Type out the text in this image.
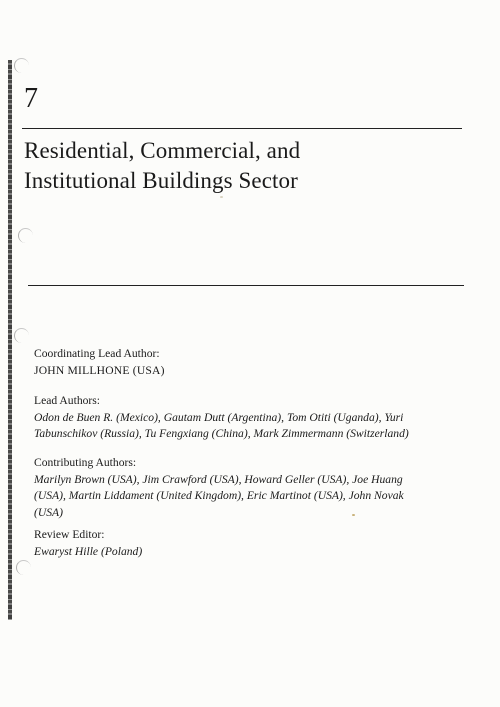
7
Residential, Commercial, and
Institutional Buildings Sector
Coordinating Lead Author:
JOHN MILLHONE (USA)
Lead Authors:
Odon de Buen R. (Mexico), Gautam Dutt (Argentina), Tom Otiti (Uganda), Yuri
Tabunschikov (Russia), Tu Fengxiang (China), Mark Zimmermann (Switzerland)
Contributing Authors:
Marilyn Brown (USA), Jim Crawford (USA), Howard Geller (USA), Joe Huang
(USA), Martin Liddament (United Kingdom), Eric Martinot (USA), John Novak
(USA)
Review Editor:
Ewaryst Hille (Poland)
